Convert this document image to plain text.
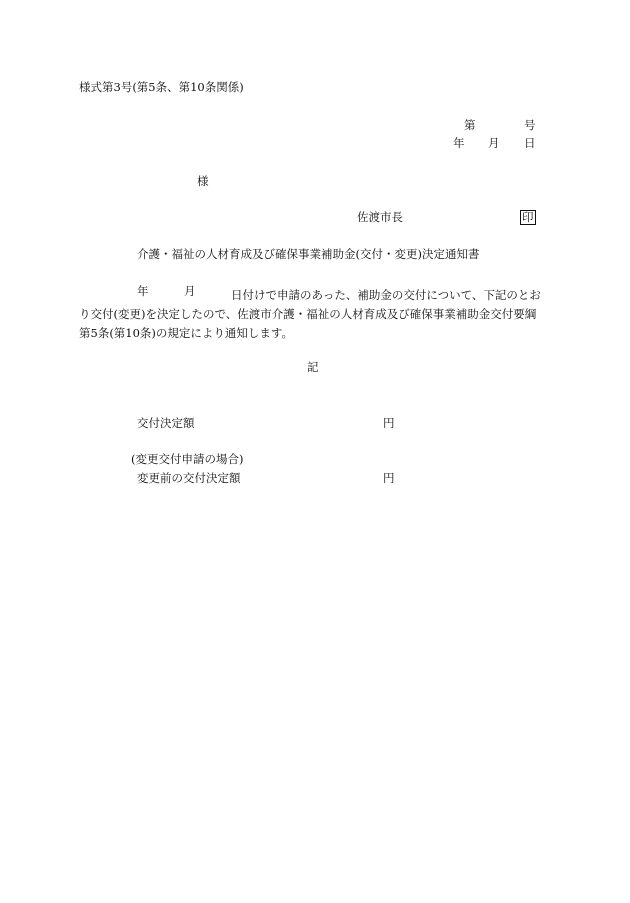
様式第3号(第5条、第10条関係)
第	号
年 月 日
様
佐渡市長	印
介護・福祉の人材育成及び確保事業補助金(交付・変更)決定通知書
年	月	日付けで申請のあった、補助金の交付について、下記のとおり交付(変更)を決定したので、佐渡市介護・福祉の人材育成及び確保事業補助金交付要綱第5条(第10条)の規定により通知します。
記
交付決定額	円
(変更交付申請の場合)
変更前の交付決定額	円
